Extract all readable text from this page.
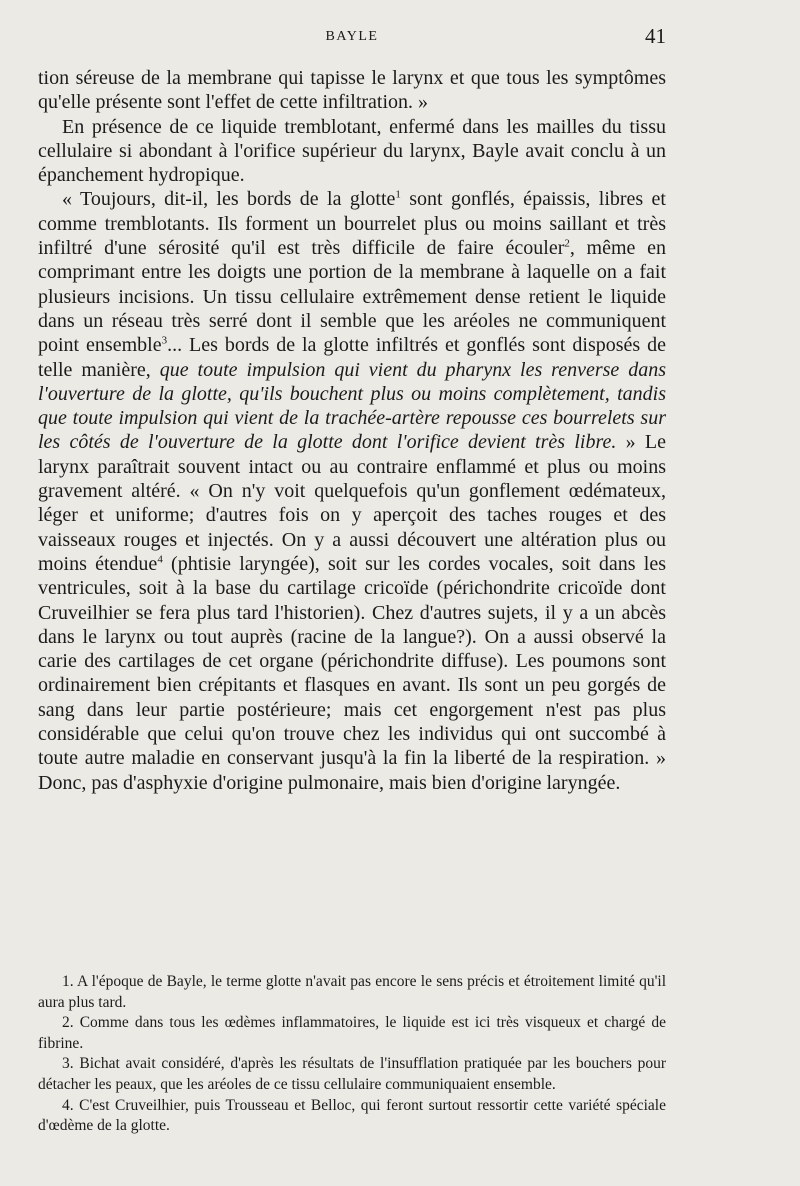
BAYLE	41

tion séreuse de la membrane qui tapisse le larynx et que tous les symptômes qu'elle présente sont l'effet de cette infiltration. »

En présence de ce liquide tremblotant, enfermé dans les mailles du tissu cellulaire si abondant à l'orifice supérieur du larynx, Bayle avait conclu à un épanchement hydropique.

« Toujours, dit-il, les bords de la glotte$^1$ sont gonflés, épaissis, libres et comme tremblotants. Ils forment un bourrelet plus ou moins saillant et très infiltré d'une sérosité qu'il est très difficile de faire écouler$^2$, même en comprimant entre les doigts une portion de la membrane à laquelle on a fait plusieurs incisions. Un tissu cellulaire extrêmement dense retient le liquide dans un réseau très serré dont il semble que les aréoles ne communiquent point ensemble$^3$... Les bords de la glotte infiltrés et gonflés sont disposés de telle manière, que toute impulsion qui vient du pharynx les renverse dans l'ouverture de la glotte, qu'ils bouchent plus ou moins complètement, tandis que toute impulsion qui vient de la trachée-artère repousse ces bourrelets sur les côtés de l'ouverture de la glotte dont l'orifice devient très libre. » Le larynx paraîtrait souvent intact ou au contraire enflammé et plus ou moins gravement altéré. « On n'y voit quelquefois qu'un gonflement œdémateux, léger et uniforme; d'autres fois on y aperçoit des taches rouges et des vaisseaux rouges et injectés. On y a aussi découvert une altération plus ou moins étendue$^4$ (phtisie laryngée), soit sur les cordes vocales, soit dans les ventricules, soit à la base du cartilage cricoïde (périchondrite cricoïde dont Cruveilhier se fera plus tard l'historien). Chez d'autres sujets, il y a un abcès dans le larynx ou tout auprès (racine de la langue?). On a aussi observé la carie des cartilages de cet organe (périchondrite diffuse). Les poumons sont ordinairement bien crépitants et flasques en avant. Ils sont un peu gorgés de sang dans leur partie postérieure; mais cet engorgement n'est pas plus considérable que celui qu'on trouve chez les individus qui ont succombé à toute autre maladie en conservant jusqu'à la fin la liberté de la respiration. » Donc, pas d'asphyxie d'origine pulmonaire, mais bien d'origine laryngée.

1. A l'époque de Bayle, le terme glotte n'avait pas encore le sens précis et étroitement limité qu'il aura plus tard.

2. Comme dans tous les œdèmes inflammatoires, le liquide est ici très visqueux et chargé de fibrine.

3. Bichat avait considéré, d'après les résultats de l'insufflation pratiquée par les bouchers pour détacher les peaux, que les aréoles de ce tissu cellulaire communiquaient ensemble.

4. C'est Cruveilhier, puis Trousseau et Belloc, qui feront surtout ressortir cette variété spéciale d'œdème de la glotte.
